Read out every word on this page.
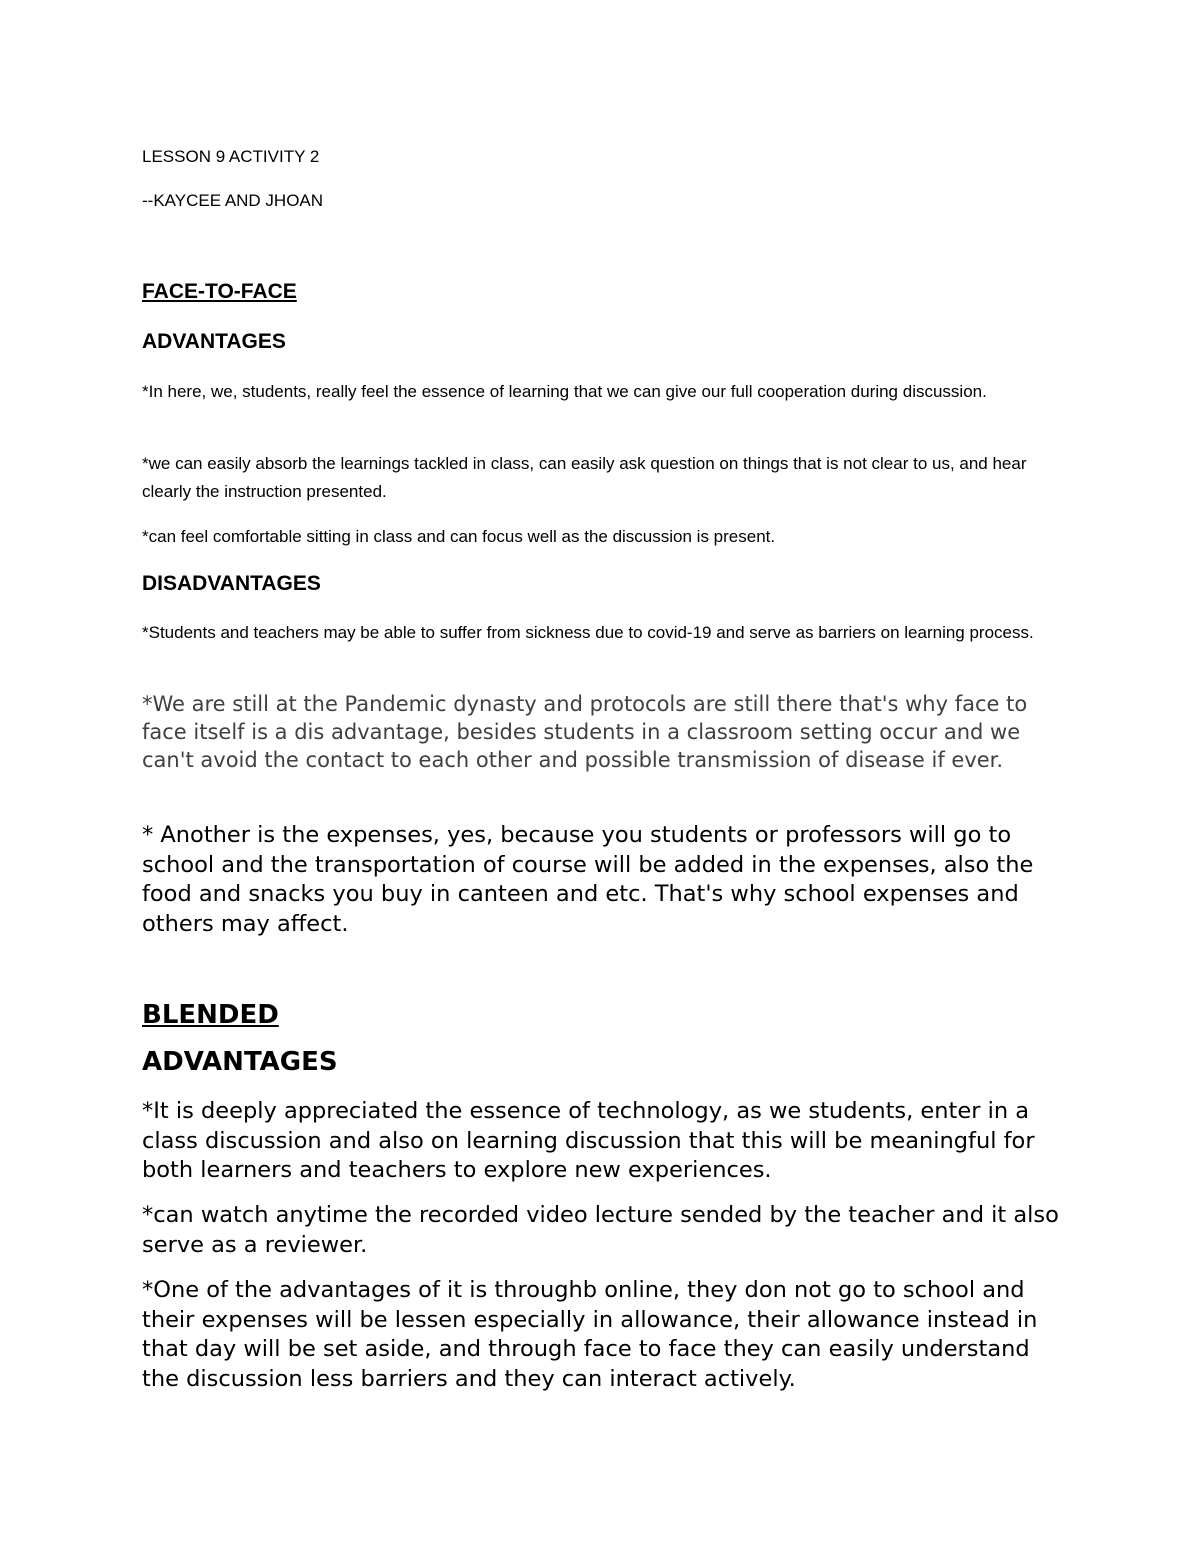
LESSON 9 ACTIVITY 2

--KAYCEE AND JHOAN

FACE-TO-FACE

ADVANTAGES

*In here, we, students, really feel the essence of learning that we can give our full cooperation during discussion.

*we can easily absorb the learnings tackled in class, can easily ask question on things that is not clear to us, and hear clearly the instruction presented.

*can feel comfortable sitting in class and can focus well as the discussion is present.

DISADVANTAGES

*Students and teachers may be able to suffer from sickness due to covid-19 and serve as barriers on learning process.

*We are still at the Pandemic dynasty and protocols are still there that's why face to face itself is a dis advantage, besides students in a classroom setting occur and we can't avoid the contact to each other and possible transmission of disease if ever.

* Another is the expenses, yes, because you students or professors will go to school and the transportation of course will be added in the expenses, also the food and snacks you buy in canteen and etc. That's why school expenses and others may affect.

BLENDED

ADVANTAGES

*It is deeply appreciated the essence of technology, as we students, enter in a class discussion and also on learning discussion that this will be meaningful for both learners and teachers to explore new experiences.

*can watch anytime the recorded video lecture sended by the teacher and it also serve as a reviewer.

*One of the advantages of it is throughb online, they don not go to school and their expenses will be lessen especially in allowance, their allowance instead in that day will be set aside, and through face to face they can easily understand the discussion less barriers and they can interact actively.
